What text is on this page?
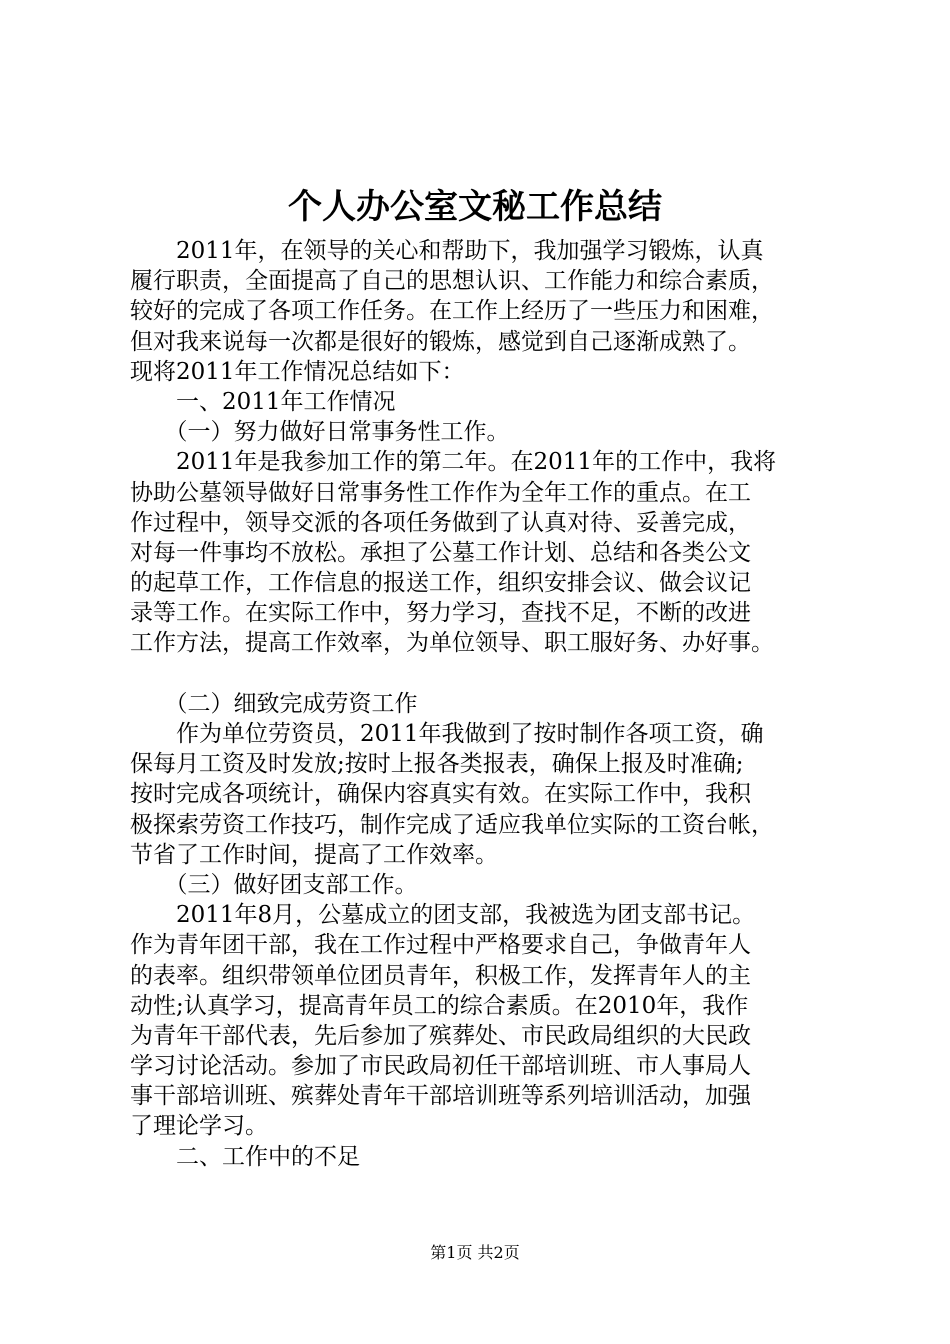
个人办公室文秘工作总结
　　2011年，在领导的关心和帮助下，我加强学习锻炼，认真
履行职责，全面提高了自己的思想认识、工作能力和综合素质，
较好的完成了各项工作任务。在工作上经历了一些压力和困难，
但对我来说每一次都是很好的锻炼，感觉到自己逐渐成熟了。
现将2011年工作情况总结如下：
　　一、2011年工作情况
　　（一）努力做好日常事务性工作。
　　2011年是我参加工作的第二年。在2011年的工作中，我将
协助公墓领导做好日常事务性工作作为全年工作的重点。在工
作过程中，领导交派的各项任务做到了认真对待、妥善完成，
对每一件事均不放松。承担了公墓工作计划、总结和各类公文
的起草工作，工作信息的报送工作，组织安排会议、做会议记
录等工作。在实际工作中，努力学习，查找不足，不断的改进
工作方法，提高工作效率，为单位领导、职工服好务、办好事。
　　（二）细致完成劳资工作
　　作为单位劳资员，2011年我做到了按时制作各项工资，确
保每月工资及时发放;按时上报各类报表，确保上报及时准确;
按时完成各项统计，确保内容真实有效。在实际工作中，我积
极探索劳资工作技巧，制作完成了适应我单位实际的工资台帐，
节省了工作时间，提高了工作效率。
　　（三）做好团支部工作。
　　2011年8月，公墓成立的团支部，我被选为团支部书记。
作为青年团干部，我在工作过程中严格要求自己，争做青年人
的表率。组织带领单位团员青年，积极工作，发挥青年人的主
动性;认真学习，提高青年员工的综合素质。在2010年，我作
为青年干部代表，先后参加了殡葬处、市民政局组织的大民政
学习讨论活动。参加了市民政局初任干部培训班、市人事局人
事干部培训班、殡葬处青年干部培训班等系列培训活动，加强
了理论学习。
　　二、工作中的不足
第1页 共2页
